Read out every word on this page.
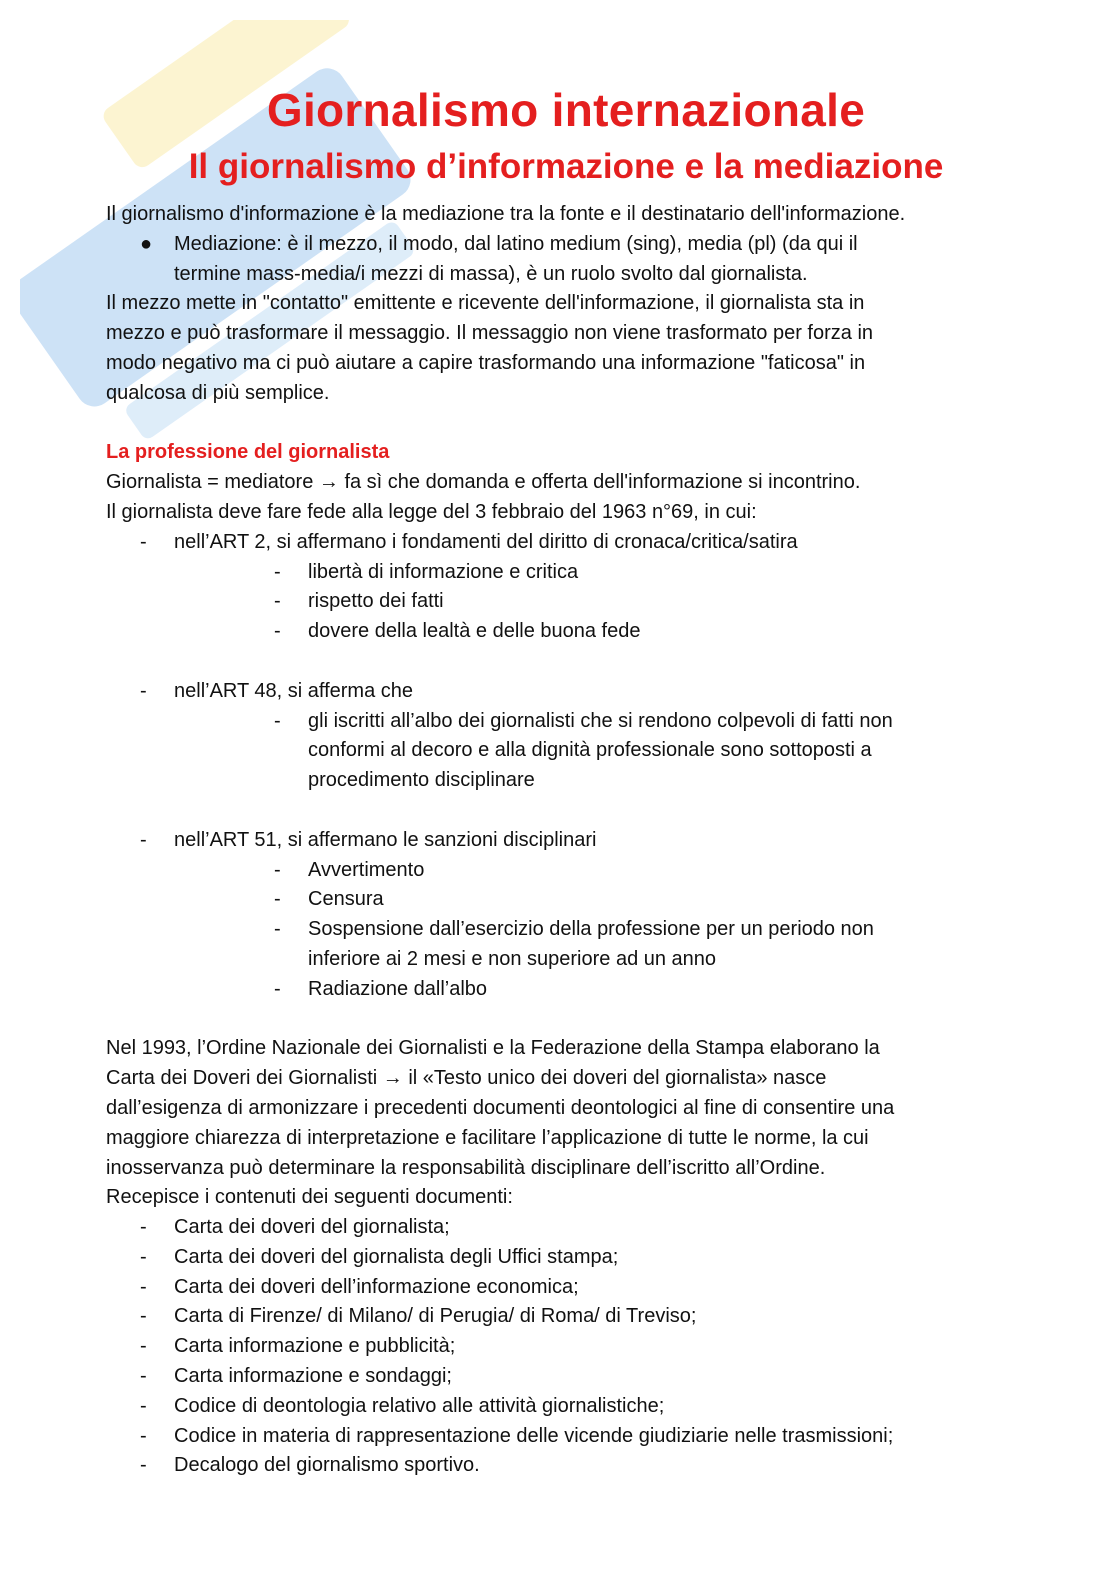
Giornalismo internazionale
Il giornalismo d’informazione e la mediazione

Il giornalismo d'informazione è la mediazione tra la fonte e il destinatario dell'informazione.

● Mediazione: è il mezzo, il modo, dal latino medium (sing), media (pl) (da qui il
termine mass-media/i mezzi di massa), è un ruolo svolto dal giornalista.

Il mezzo mette in "contatto" emittente e ricevente dell'informazione, il giornalista sta in

mezzo e può trasformare il messaggio. Il messaggio non viene trasformato per forza in

modo negativo ma ci può aiutare a capire trasformando una informazione "faticosa" in

qualcosa di più semplice.

La professione del giornalista

Giornalista = mediatore → fa sì che domanda e offerta dell'informazione si incontrino.

Il giornalista deve fare fede alla legge del 3 febbraio del 1963 n°69, in cui:

- nell’ART 2, si affermano i fondamenti del diritto di cronaca/critica/satira
- libertà di informazione e critica
- rispetto dei fatti
- dovere della lealtà e delle buona fede
- nell’ART 48, si afferma che
- gli iscritti all’albo dei giornalisti che si rendono colpevoli di fatti non
conformi al decoro e alla dignità professionale sono sottoposti a
procedimento disciplinare
- nell’ART 51, si affermano le sanzioni disciplinari
- Avvertimento
- Censura
- Sospensione dall’esercizio della professione per un periodo non
inferiore ai 2 mesi e non superiore ad un anno
- Radiazione dall’albo

Nel 1993, l’Ordine Nazionale dei Giornalisti e la Federazione della Stampa elaborano la

Carta dei Doveri dei Giornalisti → il «Testo unico dei doveri del giornalista» nasce

dall’esigenza di armonizzare i precedenti documenti deontologici al fine di consentire una

maggiore chiarezza di interpretazione e facilitare l’applicazione di tutte le norme, la cui

inosservanza può determinare la responsabilità disciplinare dell’iscritto all’Ordine.

Recepisce i contenuti dei seguenti documenti:

- Carta dei doveri del giornalista;
- Carta dei doveri del giornalista degli Uffici stampa;
- Carta dei doveri dell’informazione economica;
- Carta di Firenze/ di Milano/ di Perugia/ di Roma/ di Treviso;
- Carta informazione e pubblicità;
- Carta informazione e sondaggi;
- Codice di deontologia relativo alle attività giornalistiche;
- Codice in materia di rappresentazione delle vicende giudiziarie nelle trasmissioni;
- Decalogo del giornalismo sportivo.
